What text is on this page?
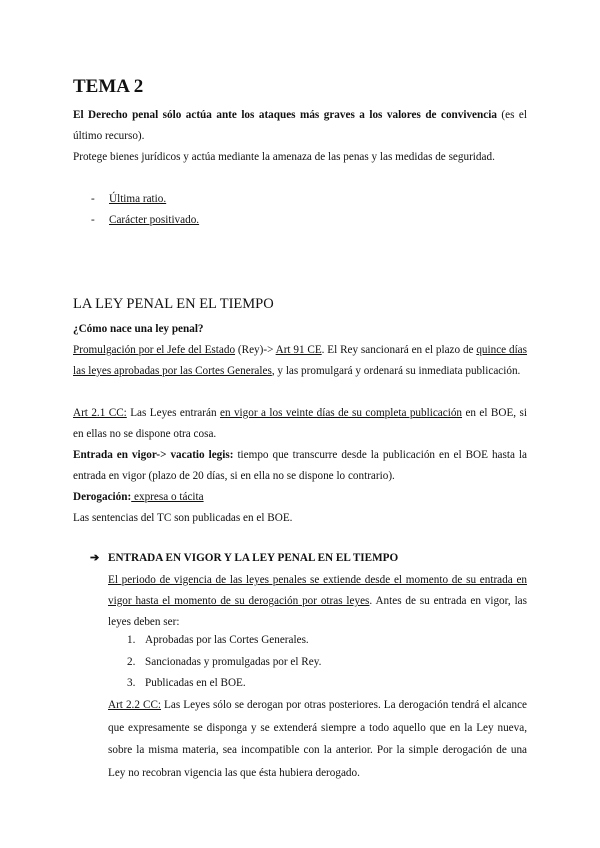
TEMA 2
El Derecho penal sólo actúa ante los ataques más graves a los valores de convivencia (es el último recurso).
Protege bienes jurídicos y actúa mediante la amenaza de las penas y las medidas de seguridad.
- Última ratio.
- Carácter positivado.
LA LEY PENAL EN EL TIEMPO
¿Cómo nace una ley penal?
Promulgación por el Jefe del Estado (Rey)-> Art 91 CE. El Rey sancionará en el plazo de quince días las leyes aprobadas por las Cortes Generales, y las promulgará y ordenará su inmediata publicación.
Art 2.1 CC: Las Leyes entrarán en vigor a los veinte días de su completa publicación en el BOE, si en ellas no se dispone otra cosa.
Entrada en vigor-> vacatio legis: tiempo que transcurre desde la publicación en el BOE hasta la entrada en vigor (plazo de 20 días, si en ella no se dispone lo contrario).
Derogación: expresa o tácita
Las sentencias del TC son publicadas en el BOE.
➔ ENTRADA EN VIGOR Y LA LEY PENAL EN EL TIEMPO
El periodo de vigencia de las leyes penales se extiende desde el momento de su entrada en vigor hasta el momento de su derogación por otras leyes. Antes de su entrada en vigor, las leyes deben ser:
1. Aprobadas por las Cortes Generales.
2. Sancionadas y promulgadas por el Rey.
3. Publicadas en el BOE.
Art 2.2 CC: Las Leyes sólo se derogan por otras posteriores. La derogación tendrá el alcance que expresamente se disponga y se extenderá siempre a todo aquello que en la Ley nueva, sobre la misma materia, sea incompatible con la anterior. Por la simple derogación de una Ley no recobran vigencia las que ésta hubiera derogado.
